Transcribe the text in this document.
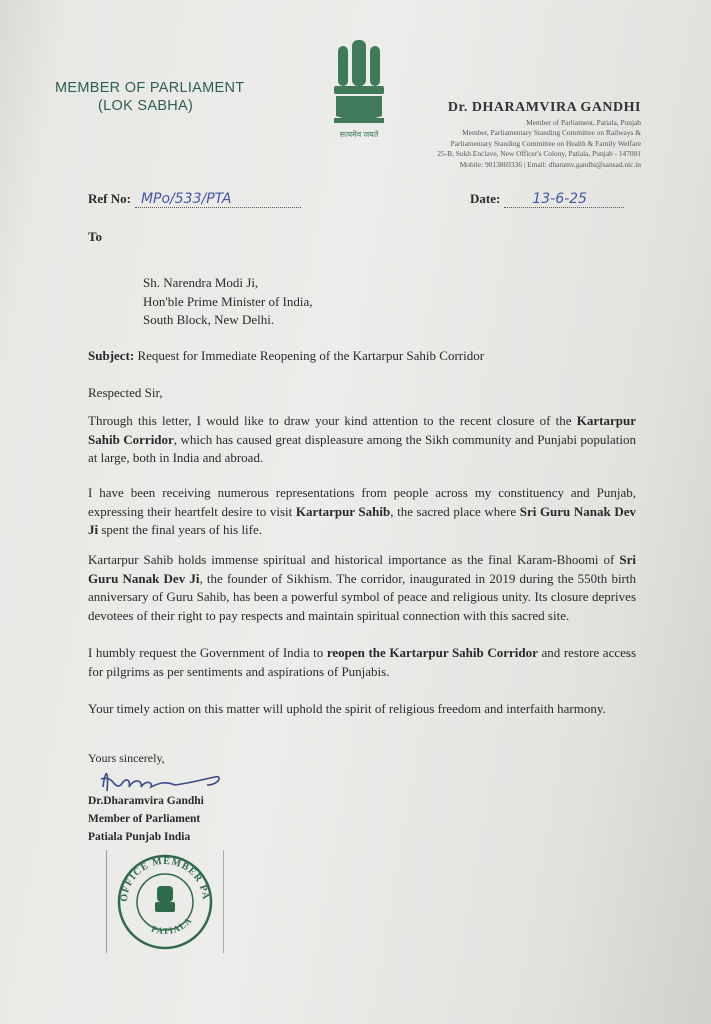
MEMBER OF PARLIAMENT
(LOK SABHA)
सत्यमेव जयते
Dr. DHARAMVIRA GANDHI
Member of Parliament, Patiala, Punjab
Member, Parliamentary Standing Committee on Railways &
Parliamentary Standing Committee on Health & Family Welfare
25-B, Sukh Enclave, New Officer's Colony, Patiala, Punjab - 147001
Mobile: 9013869336 | Email: dharamv.gandhi@sansad.nic.in
Ref No: MPo/533/PTA	Date: 13-6-25
To
Sh. Narendra Modi Ji,
Hon'ble Prime Minister of India,
South Block, New Delhi.
Subject: Request for Immediate Reopening of the Kartarpur Sahib Corridor
Respected Sir,
Through this letter, I would like to draw your kind attention to the recent closure of the Kartarpur Sahib Corridor, which has caused great displeasure among the Sikh community and Punjabi population at large, both in India and abroad.
I have been receiving numerous representations from people across my constituency and Punjab, expressing their heartfelt desire to visit Kartarpur Sahib, the sacred place where Sri Guru Nanak Dev Ji spent the final years of his life.
Kartarpur Sahib holds immense spiritual and historical importance as the final Karam-Bhoomi of Sri Guru Nanak Dev Ji, the founder of Sikhism. The corridor, inaugurated in 2019 during the 550th birth anniversary of Guru Sahib, has been a powerful symbol of peace and religious unity. Its closure deprives devotees of their right to pay respects and maintain spiritual connection with this sacred site.
I humbly request the Government of India to reopen the Kartarpur Sahib Corridor and restore access for pilgrims as per sentiments and aspirations of Punjabis.
Your timely action on this matter will uphold the spirit of religious freedom and interfaith harmony.
Yours sincerely,
Dr.Dharamvira Gandhi
Member of Parliament
Patiala Punjab India
OFFICE MEMBER PA
PATIALA
